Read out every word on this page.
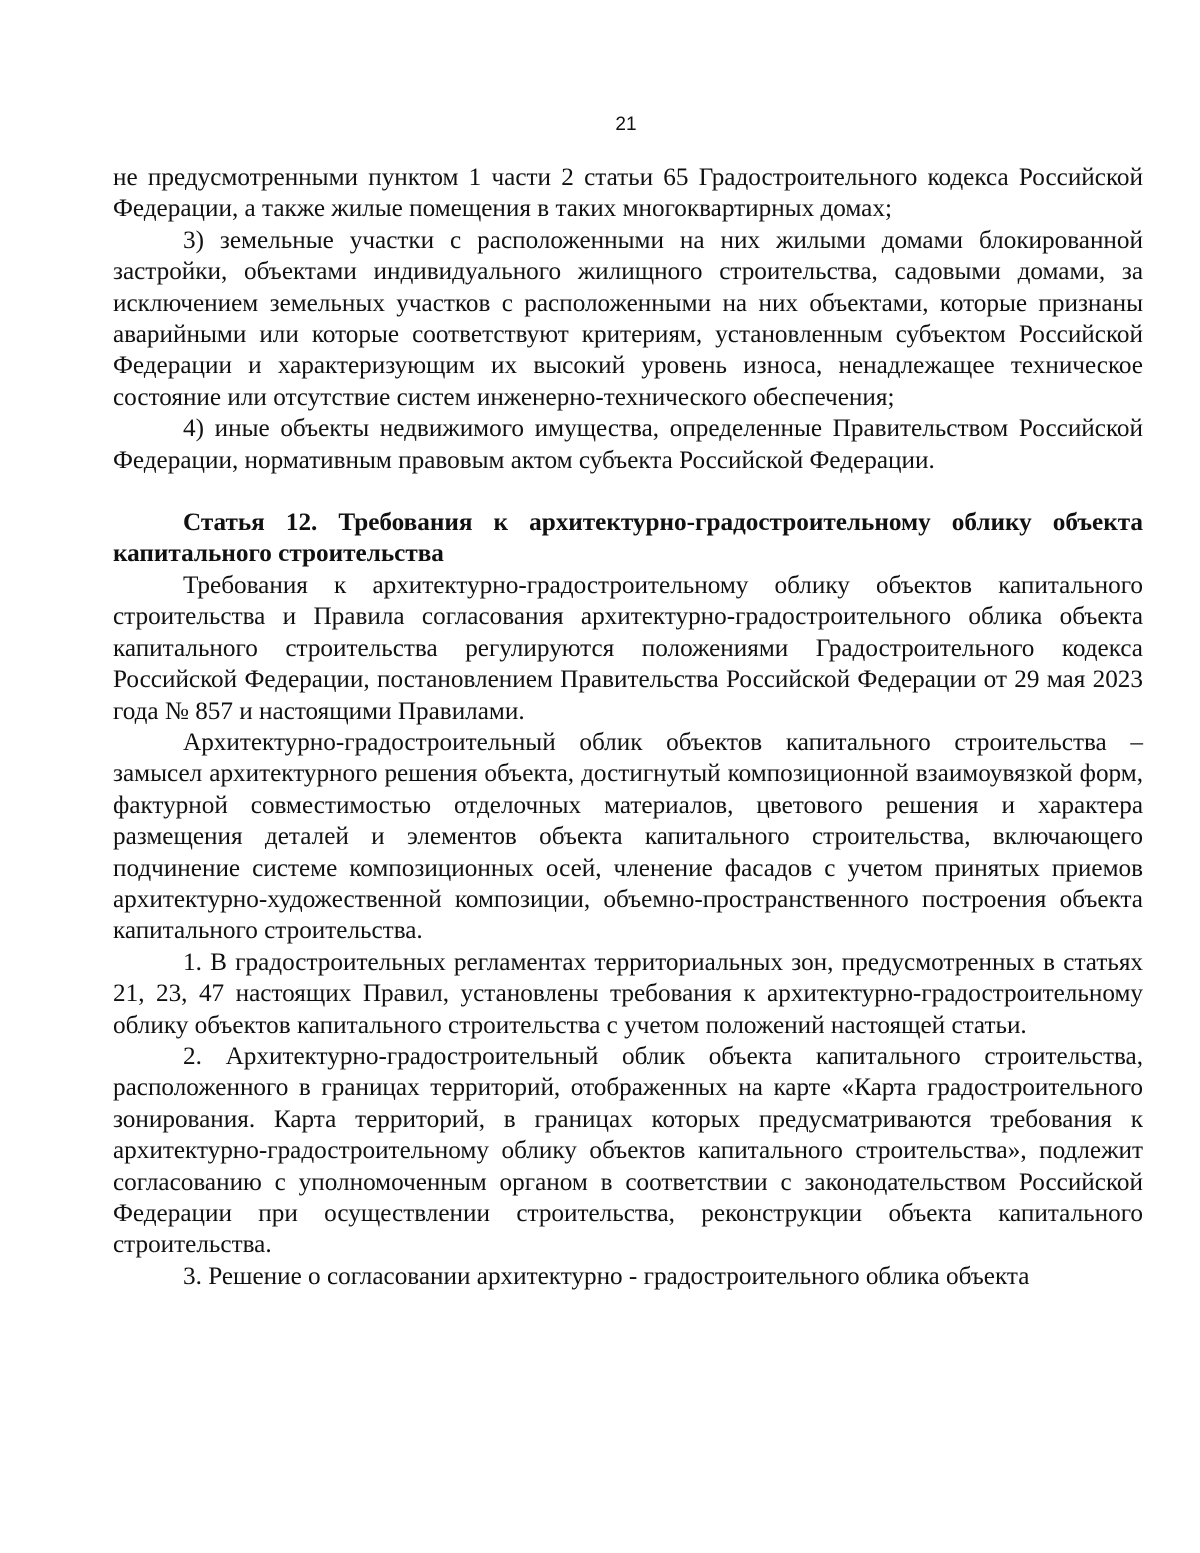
21

не предусмотренными пунктом 1 части 2 статьи 65 Градостроительного кодекса Российской Федерации, а также жилые помещения в таких многоквартирных домах;

3) земельные участки с расположенными на них жилыми домами блокированной застройки, объектами индивидуального жилищного строительства, садовыми домами, за исключением земельных участков с расположенными на них объектами, которые признаны аварийными или которые соответствуют критериям, установленным субъектом Российской Федерации и характеризующим их высокий уровень износа, ненадлежащее техническое состояние или отсутствие систем инженерно-технического обеспечения;

4) иные объекты недвижимого имущества, определенные Правительством Российской Федерации, нормативным правовым актом субъекта Российской Федерации.

Статья 12. Требования к архитектурно-градостроительному облику объекта капитального строительства

Требования к архитектурно-градостроительному облику объектов капитального строительства и Правила согласования архитектурно-градостроительного облика объекта капитального строительства регулируются положениями Градостроительного кодекса Российской Федерации, постановлением Правительства Российской Федерации от 29 мая 2023 года № 857 и настоящими Правилами.

Архитектурно-градостроительный облик объектов капитального строительства – замысел архитектурного решения объекта, достигнутый композиционной взаимоувязкой форм, фактурной совместимостью отделочных материалов, цветового решения и характера размещения деталей и элементов объекта капитального строительства, включающего подчинение системе композиционных осей, членение фасадов с учетом принятых приемов архитектурно-художественной композиции, объемно-пространственного построения объекта капитального строительства.

1. В градостроительных регламентах территориальных зон, предусмотренных в статьях 21, 23, 47 настоящих Правил, установлены требования к архитектурно-градостроительному облику объектов капитального строительства с учетом положений настоящей статьи.

2. Архитектурно-градостроительный облик объекта капитального строительства, расположенного в границах территорий, отображенных на карте «Карта градостроительного зонирования. Карта территорий, в границах которых предусматриваются требования к архитектурно-градостроительному облику объектов капитального строительства», подлежит согласованию с уполномоченным органом в соответствии с законодательством Российской Федерации при осуществлении строительства, реконструкции объекта капитального строительства.

3. Решение о согласовании архитектурно - градостроительного облика объекта
